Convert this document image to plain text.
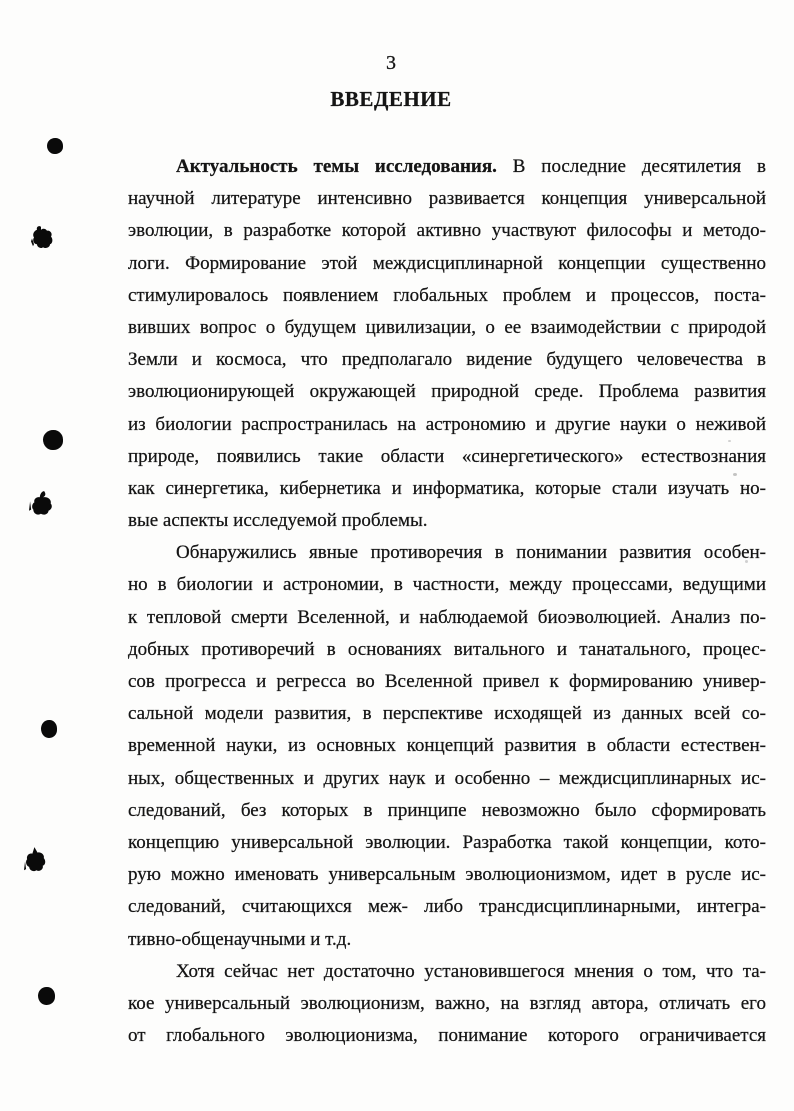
3
ВВЕДЕНИЕ
Актуальность темы исследования. В последние десятилетия в
научной литературе интенсивно развивается концепция универсальной
эволюции, в разработке которой активно участвуют философы и методо-
логи. Формирование этой междисциплинарной концепции существенно
стимулировалось появлением глобальных проблем и процессов, поста-
вивших вопрос о будущем цивилизации, о ее взаимодействии с природой
Земли и космоса, что предполагало видение будущего человечества в
эволюционирующей окружающей природной среде. Проблема развития
из биологии распространилась на астрономию и другие науки о неживой
природе, появились такие области «синергетического» естествознания
как синергетика, кибернетика и информатика, которые стали изучать но-
вые аспекты исследуемой проблемы.
Обнаружились явные противоречия в понимании развития особен-
но в биологии и астрономии, в частности, между процессами, ведущими
к тепловой смерти Вселенной, и наблюдаемой биоэволюцией. Анализ по-
добных противоречий в основаниях витального и танатального, процес-
сов прогресса и регресса во Вселенной привел к формированию универ-
сальной модели развития, в перспективе исходящей из данных всей со-
временной науки, из основных концепций развития в области естествен-
ных, общественных и других наук и особенно – междисциплинарных ис-
следований, без которых в принципе невозможно было сформировать
концепцию универсальной эволюции. Разработка такой концепции, кото-
рую можно именовать универсальным эволюционизмом, идет в русле ис-
следований, считающихся меж- либо трансдисциплинарными, интегра-
тивно-общенаучными и т.д.
Хотя сейчас нет достаточно установившегося мнения о том, что та-
кое универсальный эволюционизм, важно, на взгляд автора, отличать его
от глобального эволюционизма, понимание которого ограничивается
